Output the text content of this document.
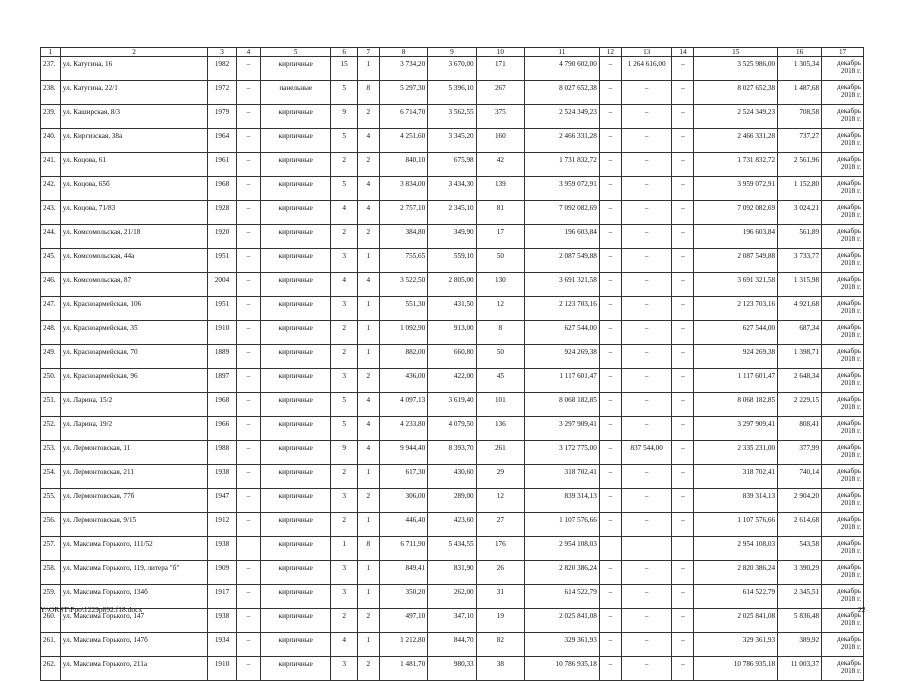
1	2	3	4	5	6	7	8	9	10	11	12	13	14	15	16	17
237.	ул. Катугина, 16	1982	–	кирпичные	15	1	3 734,20	3 670,00	171	4 790 602,00	–	1 264 616,00	–	3 525 986,00	1 305,34	декабрь 2018 г.
238.	ул. Катугина, 22/1	1972	–	панельные	5	8	5 297,30	5 396,10	267	8 027 652,38	–	–	–	8 027 652,38	1 487,68	декабрь 2018 г.
239.	ул. Каширская, 8/3	1979	–	кирпичные	9	2	6 714,70	3 562,55	375	2 524 349,23	–	–	–	2 524 349,23	708,58	декабрь 2018 г.
240.	ул. Киргизская, 38а	1964	–	кирпичные	5	4	4 251,60	3 345,20	160	2 466 331,28	–	–	–	2 466 331,28	737,27	декабрь 2018 г.
241.	ул. Коцова, 61	1961	–	кирпичные	2	2	840,10	675,98	42	1 731 832,72	–	–	–	1 731 832,72	2 561,96	декабрь 2018 г.
242.	ул. Коцова, 65б	1968	–	кирпичные	5	4	3 834,00	3 434,30	139	3 959 072,91	–	–	–	3 959 072,91	1 152,80	декабрь 2018 г.
243.	ул. Коцова, 71/83	1928	–	кирпичные	4	4	2 757,10	2 345,10	81	7 092 082,69	–	–	–	7 092 082,69	3 024,21	декабрь 2018 г.
244.	ул. Комсомольская, 21/18	1920	–	кирпичные	2	2	384,80	349,90	17	196 603,84	–	–	–	196 603,84	561,89	декабрь 2018 г.
245.	ул. Комсомольская, 44а	1951	–	кирпичные	3	1	755,65	559,10	50	2 087 549,88	–	–	–	2 087 549,88	3 733,77	декабрь 2018 г.
246.	ул. Комсомольская, 87	2004	–	кирпичные	4	4	3 522,50	2 805,00	130	3 691 321,58	–	–	–	3 691 321,58	1 315,98	декабрь 2018 г.
247.	ул. Красноармейская, 106	1951	–	кирпичные	3	1	551,30	431,50	12	2 123 703,16	–	–	–	2 123 703,16	4 921,68	декабрь 2018 г.
248.	ул. Красноармейская, 35	1910	–	кирпичные	2	1	1 092,90	913,00	8	627 544,00	–	–	–	627 544,00	687,34	декабрь 2018 г.
249.	ул. Красноармейская, 70	1889	–	кирпичные	2	1	882,00	660,80	50	924 269,38	–	–	–	924 269,38	1 398,71	декабрь 2018 г.
250.	ул. Красноармейская, 96	1897	–	кирпичные	3	2	436,00	422,00	45	1 117 601,47	–	–	–	1 117 601,47	2 648,34	декабрь 2018 г.
251.	ул. Ларина, 15/2	1968	–	кирпичные	5	4	4 097,13	3 619,40	101	8 068 182,85	–	–	–	8 068 182,85	2 229,15	декабрь 2018 г.
252.	ул. Ларина, 19/2	1966	–	кирпичные	5	4	4 233,80	4 079,50	136	3 297 909,41	–	–	–	3 297 909,41	808,41	декабрь 2018 г.
253.	ул. Лермонтовская, 11	1988	–	кирпичные	9	4	9 944,40	8 393,70	261	3 172 775,00	–	837 544,00	–	2 335 231,00	377,99	декабрь 2018 г.
254.	ул. Лермонтовская, 211	1938	–	кирпичные	2	1	617,30	430,60	29	318 702,41	–	–	–	318 702,41	740,14	декабрь 2018 г.
255.	ул. Лермонтовская, 77б	1947	–	кирпичные	3	2	306,00	289,00	12	839 314,13	–	–	–	839 314,13	2 904,20	декабрь 2018 г.
256.	ул. Лермонтовская, 9/15	1912	–	кирпичные	2	1	446,40	423,60	27	1 107 576,66	–	–	–	1 107 576,66	2 614,68	декабрь 2018 г.
257.	ул. Максима Горького, 111/52	1938		кирпичные	1	8	6 711,90	5 434,55	176	2 954 108,03				2 954 108,03	543,58	декабрь 2018 г.
258.	ул. Максима Горького, 119, литера "б"	1909	–	кирпичные	3	1	849,41	831,90	26	2 820 386,24	–	–	–	2 820 386,24	3 390,29	декабрь 2018 г.
259.	ул. Максима Горького, 134б	1917	–	кирпичные	3	1	350,20	262,00	31	614 522,79	–	–	–	614 522,79	2 345,51	декабрь 2018 г.
260.	ул. Максима Горького, 147	1938	–	кирпичные	2	2	497,10	347,10	19	2 025 841,08	–	–	–	2 025 841,08	5 836,48	декабрь 2018 г.
261.	ул. Максима Горького, 147б	1934	–	кирпичные	4	1	1 212,80	844,70	82	329 361,93	–	–	–	329 361,93	389,92	декабрь 2018 г.
262.	ул. Максима Горького, 211а	1910	–	кирпичные	3	2	1 481,70	980,33	38	10 786 935,18	–	–	–	10 786 935,18	11 003,37	декабрь 2018 г.
Y:\ORST\Ppo\1229p892.f18.docx	22
